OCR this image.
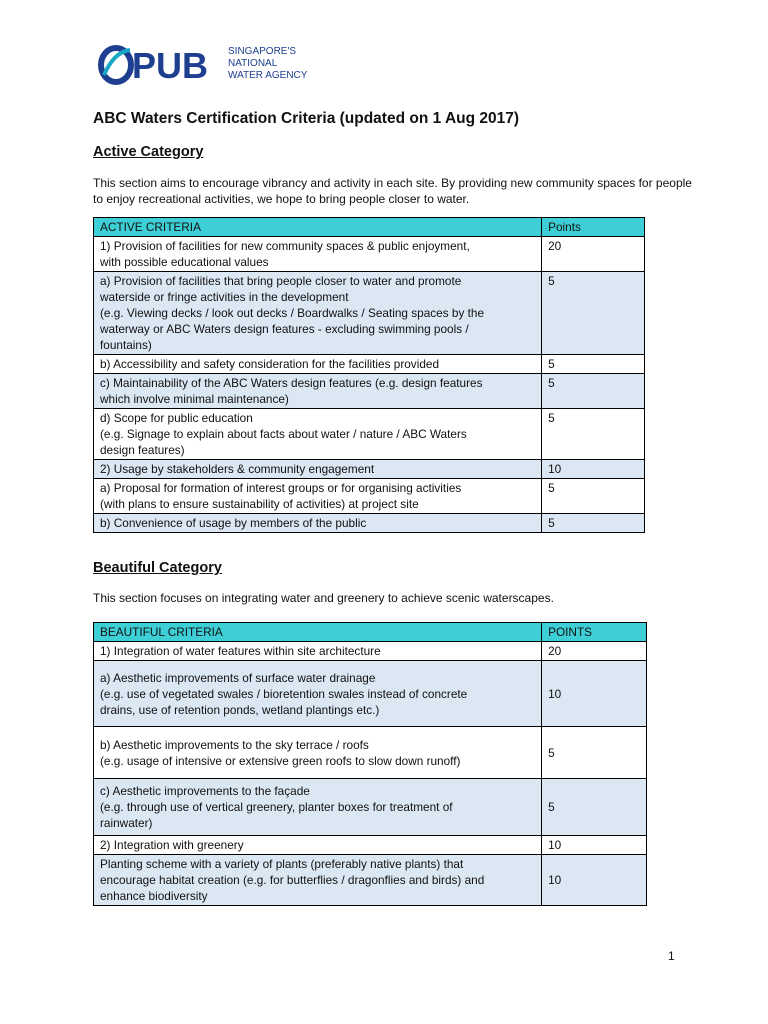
PUB SINGAPORE'S
NATIONAL
WATER AGENCY
ABC Waters Certification Criteria (updated on 1 Aug 2017)
Active Category

This section aims to encourage vibrancy and activity in each site. By providing new community spaces for people to enjoy recreational activities, we hope to bring people closer to water.

ACTIVE CRITERIA	Points

1) Provision of facilities for new community spaces & public enjoyment,
with possible educational values	20

a) Provision of facilities that bring people closer to water and promote
waterside or fringe activities in the development
(e.g. Viewing decks / look out decks / Boardwalks / Seating spaces by the
waterway or ABC Waters design features - excluding swimming pools /
fountains)	5

b) Accessibility and safety consideration for the facilities provided	5

c) Maintainability of the ABC Waters design features (e.g. design features
which involve minimal maintenance)	5

d) Scope for public education
(e.g. Signage to explain about facts about water / nature / ABC Waters
design features)	5

2) Usage by stakeholders & community engagement	10

a) Proposal for formation of interest groups or for organising activities
(with plans to ensure sustainability of activities) at project site	5

b) Convenience of usage by members of the public	5
Beautiful Category

This section focuses on integrating water and greenery to achieve scenic waterscapes.

BEAUTIFUL CRITERIA	POINTS

1) Integration of water features within site architecture	20

a) Aesthetic improvements of surface water drainage
(e.g. use of vegetated swales / bioretention swales instead of concrete
drains, use of retention ponds, wetland plantings etc.)	10

b) Aesthetic improvements to the sky terrace / roofs
(e.g. usage of intensive or extensive green roofs to slow down runoff)	5

c) Aesthetic improvements to the façade
(e.g. through use of vertical greenery, planter boxes for treatment of
rainwater)	5

2) Integration with greenery	10

Planting scheme with a variety of plants (preferably native plants) that
encourage habitat creation (e.g. for butterflies / dragonflies and birds) and
enhance biodiversity	10
1
